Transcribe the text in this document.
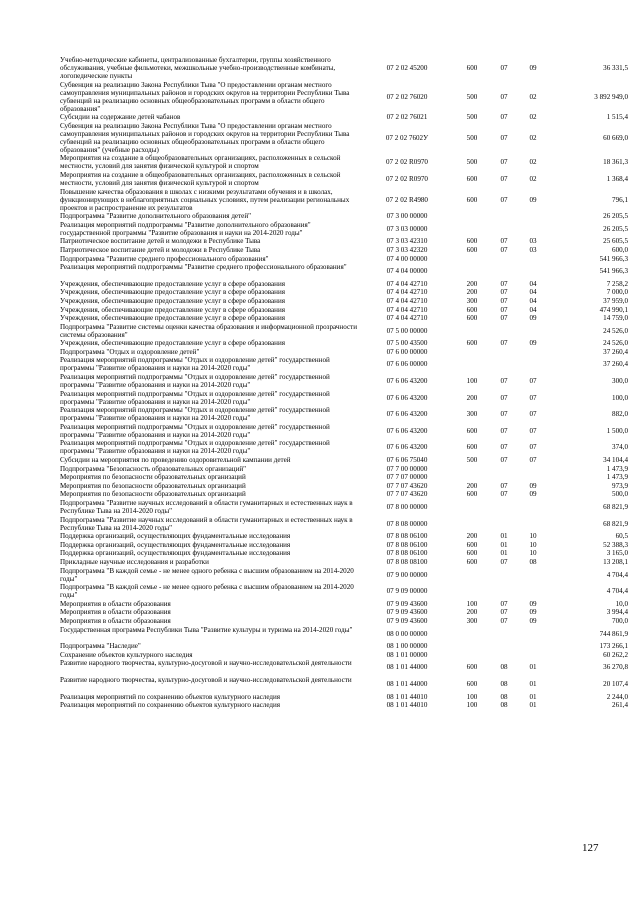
Учебно-методические кабинеты, централизованные бухгалтерии, группы хозяйственного обслуживания, учебные фильмотеки, межшкольные учебно-производственные комбинаты, логопедические пункты
07 2 02 45200	600	07	09	36 331,5
Субвенция на реализацию Закона Республики Тыва "О предоставлении органам местного самоуправления муниципальных районов и городских округов на территории Республики Тыва субвенций на реализацию основных общеобразовательных программ в области общего образования"
07 2 02 76020	500	07	02	3 892 949,0
Субсидии на содержание детей чабанов	07 2 02 76021	500	07	02	1 515,4
Субвенция на реализацию Закона Республики Тыва "О предоставлении органам местного самоуправления муниципальных районов и городских округов на территории Республики Тыва субвенций на реализацию основных общеобразовательных программ в области общего образования" (учебные расходы)
07 2 02 7602У	500	07	02	60 669,0
Мероприятия на создание в общеобразовательных организациях, расположенных в сельской местности, условий для занятия физической культурой и спортом	07 2 02 R0970	500	07	02	18 361,3
Мероприятия на создание в общеобразовательных организациях, расположенных в сельской местности, условий для занятия физической культурой и спортом	07 2 02 R0970	600	07	02	1 368,4
Повышение качества образования в школах с низкими результатами обучения и в школах, функционирующих в неблагоприятных социальных условиях, путем реализации региональных проектов и распространение их результатов
07 2 02 R4980	600	07	09	796,1
Подпрограмма "Развитие дополнительного образования детей"	07 3 00 00000	26 205,5
Реализация мероприятий подпрограммы "Развитие дополнительного образования" государственной программы "Развитие образования и науки на 2014-2020 годы"	07 3 03 00000	26 205,5
Патриотическое воспитание детей и молодежи в Республике Тыва	07 3 03 42310	600	07	03	25 605,5
Патриотическое воспитание детей и молодежи в Республике Тыва	07 3 03 42320	600	07	03	600,0
Подпрограмма "Развитие среднего профессионального образования"	07 4 00 00000	541 966,3
Реализация мероприятий подпрограммы "Развитие среднего профессионального образования"	07 4 04 00000	541 966,3
Учреждения, обеспечивающие предоставление услуг в сфере образования	07 4 04 42710	200	07	04	7 258,2
Учреждения, обеспечивающие предоставление услуг в сфере образования	07 4 04 42710	200	07	04	7 000,0
Учреждения, обеспечивающие предоставление услуг в сфере образования	07 4 04 42710	300	07	04	37 959,0
Учреждения, обеспечивающие предоставление услуг в сфере образования	07 4 04 42710	600	07	04	474 990,1
Учреждения, обеспечивающие предоставление услуг в сфере образования	07 4 04 42710	600	07	09	14 759,0
Подпрограмма "Развитие системы оценки качества образования и информационной прозрачности системы образования"	07 5 00 00000	24 526,0
Учреждения, обеспечивающие предоставление услуг в сфере образования	07 5 00 43500	600	07	09	24 526,0
Подпрограмма "Отдых и оздоровление детей"	07 6 00 00000	37 260,4
Реализация мероприятий подпрограммы "Отдых и оздоровление детей" государственной программы "Развитие образования и науки на 2014-2020 годы"	07 6 06 00000	37 260,4
Реализация мероприятий подпрограммы "Отдых и оздоровление детей" государственной программы "Развитие образования и науки на 2014-2020 годы"	07 6 06 43200	100	07	07	300,0
Реализация мероприятий подпрограммы "Отдых и оздоровление детей" государственной программы "Развитие образования и науки на 2014-2020 годы"	07 6 06 43200	200	07	07	100,0
Реализация мероприятий подпрограммы "Отдых и оздоровление детей" государственной программы "Развитие образования и науки на 2014-2020 годы"	07 6 06 43200	300	07	07	882,0
Реализация мероприятий подпрограммы "Отдых и оздоровление детей" государственной программы "Развитие образования и науки на 2014-2020 годы"	07 6 06 43200	600	07	07	1 500,0
Реализация мероприятий подпрограммы "Отдых и оздоровление детей" государственной программы "Развитие образования и науки на 2014-2020 годы"	07 6 06 43200	600	07	07	374,0
Субсидии на мероприятия по проведению оздоровительной кампании детей	07 6 06 75040	500	07	07	34 104,4
Подпрограмма "Безопасность образовательных организаций"	07 7 00 00000	1 473,9
Мероприятия по безопасности образовательных организаций	07 7 07 00000	1 473,9
Мероприятия по безопасности образовательных организаций	07 7 07 43620	200	07	09	973,9
Мероприятия по безопасности образовательных организаций	07 7 07 43620	600	07	09	500,0
Подпрограмма "Развитие научных исследований в области гуманитарных и естественных наук в Республике Тыва на 2014-2020 годы"	07 8 00 00000	68 821,9
Подпрограмма "Развитие научных исследований в области гуманитарных и естественных наук в Республике Тыва на 2014-2020 годы"	07 8 08 00000	68 821,9
Поддержка организаций, осуществляющих фундаментальные исследования	07 8 08 06100	200	01	10	60,5
Поддержка организаций, осуществляющих фундаментальные исследования	07 8 08 06100	600	01	10	52 388,3
Поддержка организаций, осуществляющих фундаментальные исследования	07 8 08 06100	600	01	10	3 165,0
Прикладные научные исследования и разработки	07 8 08 08100	600	07	08	13 208,1
Подпрограмма "В каждой семье - не менее одного ребенка с высшим образованием на 2014-2020 годы"	07 9 00 00000	4 704,4
Подпрограмма "В каждой семье - не менее одного ребенка с высшим образованием на 2014-2020 годы"	07 9 09 00000	4 704,4
Мероприятия в области образования	07 9 09 43600	100	07	09	10,0
Мероприятия в области образования	07 9 09 43600	200	07	09	3 994,4
Мероприятия в области образования	07 9 09 43600	300	07	09	700,0
Государственная программа Республики Тыва "Развитие культуры и туризма на 2014-2020 годы"	08 0 00 00000	744 861,9
Подпрограмма "Наследие"	08 1 00 00000	173 266,1
Сохранение объектов культурного наследия	08 1 01 00000	60 262,2
Развитие народного творчества, культурно-досуговой и научно-исследовательской деятельности	08 1 01 44000	600	08	01	36 270,8
Развитие народного творчества, культурно-досуговой и научно-исследовательской деятельности	08 1 01 44000	600	08	01	20 107,4
Реализация мероприятий по сохранению объектов культурного наследия	08 1 01 44010	100	08	01	2 244,0
Реализация мероприятий по сохранению объектов культурного наследия	08 1 01 44010	100	08	01	261,4
127
